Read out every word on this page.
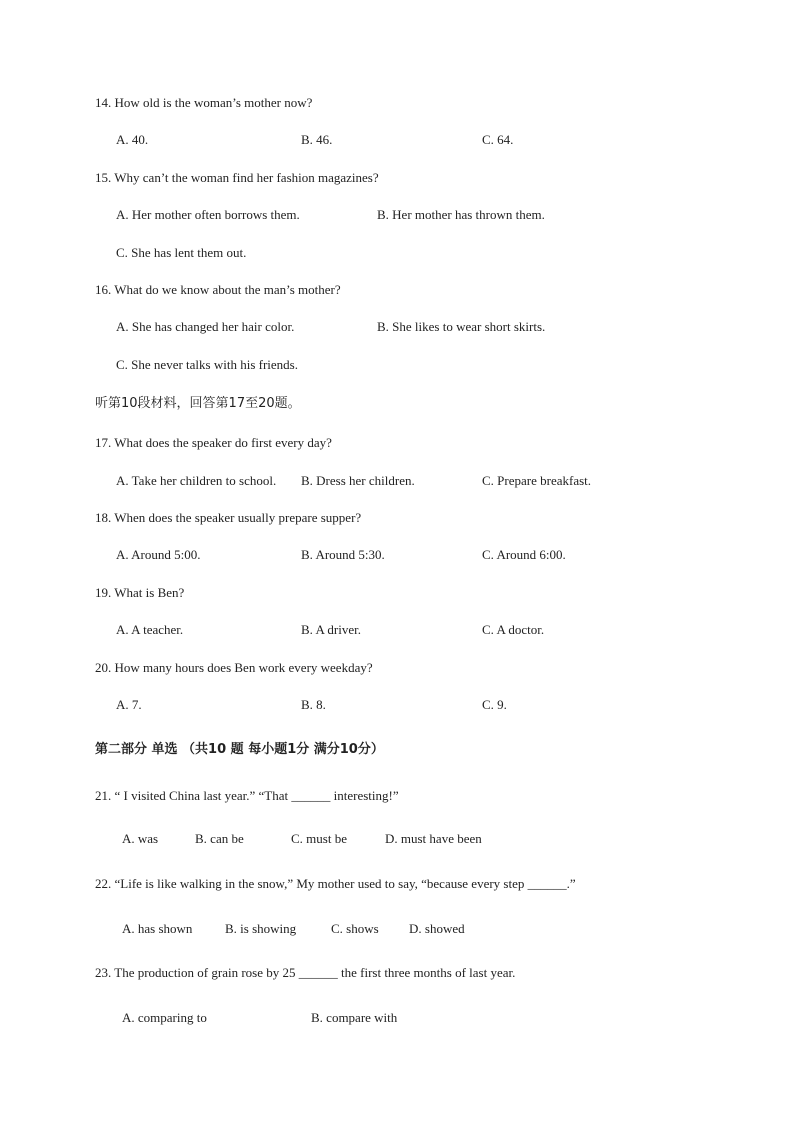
14. How old is the woman’s mother now?
A. 40.	B. 46.	C. 64.
15. Why can’t the woman find her fashion magazines?
A. Her mother often borrows them.	B. Her mother has thrown them.
C. She has lent them out.
16. What do we know about the man’s mother?
A. She has changed her hair color.	B. She likes to wear short skirts.
C. She never talks with his friends.
听第10段材料，回答第17至20题。
17. What does the speaker do first every day?
A. Take her children to school. B. Dress her children.	C. Prepare breakfast.
18. When does the speaker usually prepare supper?
A. Around 5:00.	B. Around 5:30.	C. Around 6:00.
19. What is Ben?
A. A teacher.	B. A driver.	C. A doctor.
20. How many hours does Ben work every weekday?
A. 7.	B. 8.	C. 9.
第二部分 单选 （共10 题 每小题1分 满分10分）
21. “ I visited China last year.” “That ______ interesting!”
A. was	B. can be	C. must be	D. must have been
22. “Life is like walking in the snow,” My mother used to say, “because every step ______.”
A. has shown	B. is showing	C. shows D. showed
23. The production of grain rose by 25 ______ the first three months of last year.
A. comparing to	B. compare with
